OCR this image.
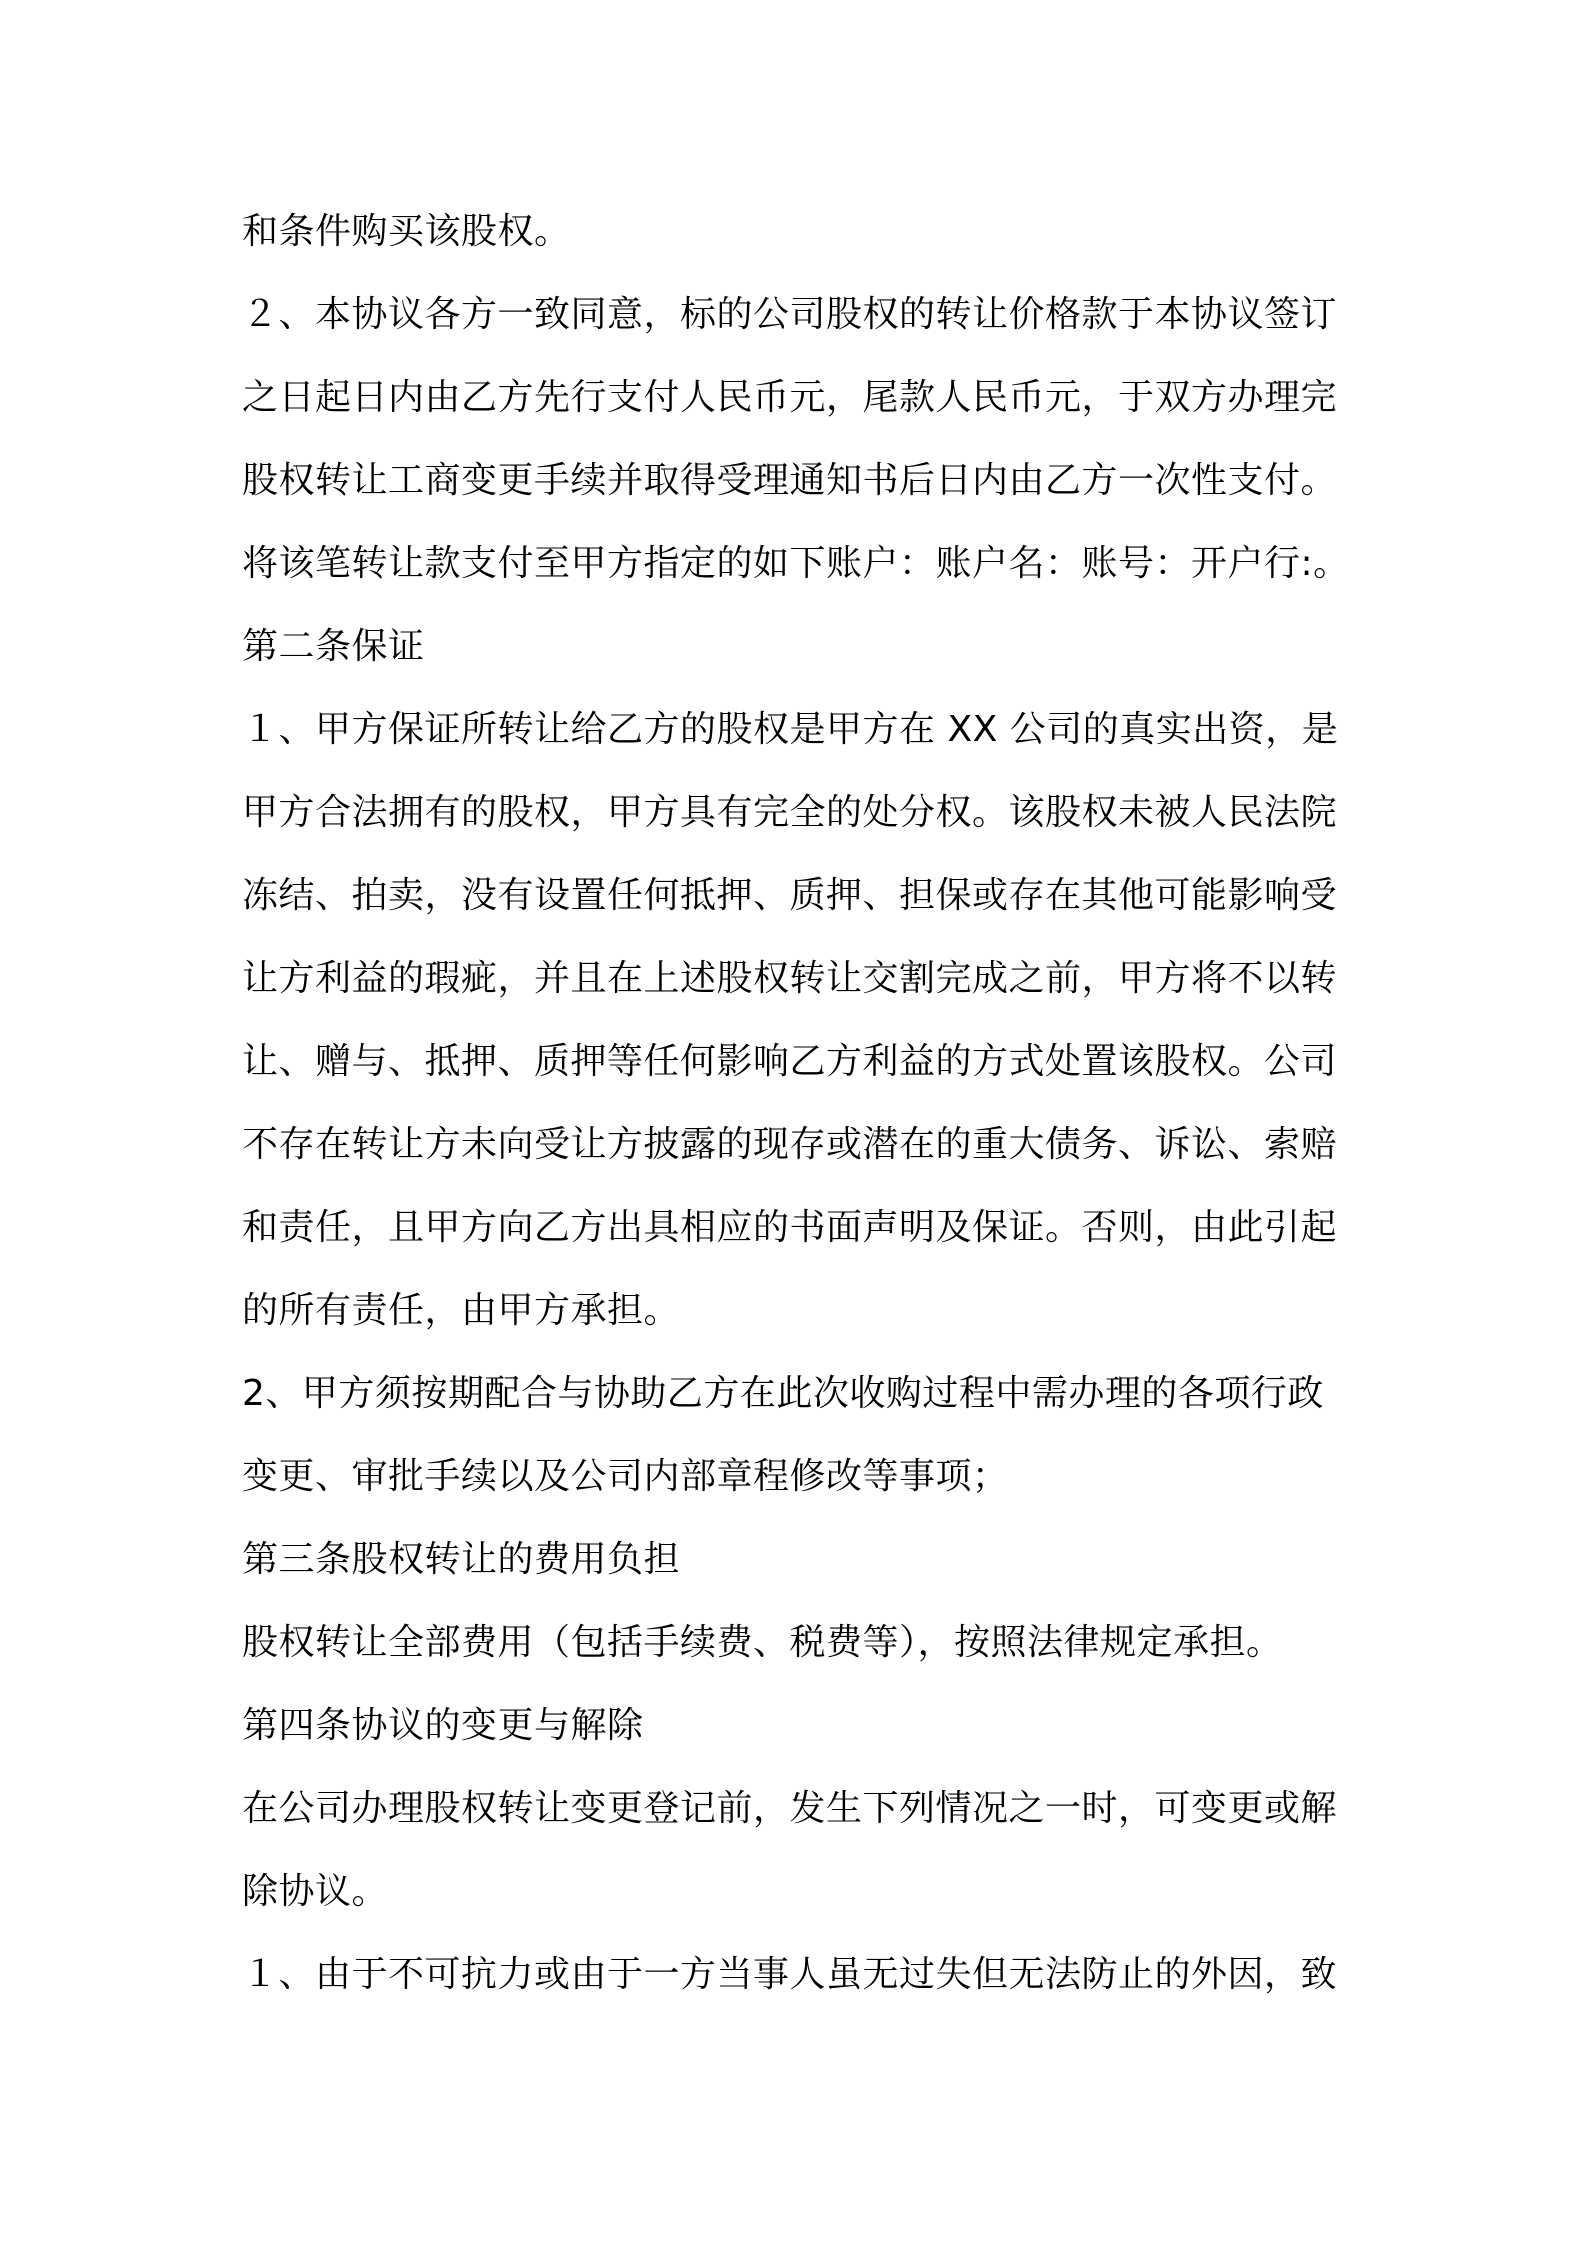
和条件购买该股权。
２、本协议各方一致同意，标的公司股权的转让价格款于本协议签订
之日起日内由乙方先行支付人民币元，尾款人民币元，于双方办理完
股权转让工商变更手续并取得受理通知书后日内由乙方一次性支付。
将该笔转让款支付至甲方指定的如下账户：账户名：账号：开户行:。
第二条保证
１、甲方保证所转让给乙方的股权是甲方在 XX 公司的真实出资，是
甲方合法拥有的股权，甲方具有完全的处分权。该股权未被人民法院
冻结、拍卖，没有设置任何抵押、质押、担保或存在其他可能影响受
让方利益的瑕疵，并且在上述股权转让交割完成之前，甲方将不以转
让、赠与、抵押、质押等任何影响乙方利益的方式处置该股权。公司
不存在转让方未向受让方披露的现存或潜在的重大债务、诉讼、索赔
和责任，且甲方向乙方出具相应的书面声明及保证。否则，由此引起
的所有责任，由甲方承担。
2、甲方须按期配合与协助乙方在此次收购过程中需办理的各项行政
变更、审批手续以及公司内部章程修改等事项；
第三条股权转让的费用负担
股权转让全部费用（包括手续费、税费等），按照法律规定承担。
第四条协议的变更与解除
在公司办理股权转让变更登记前，发生下列情况之一时，可变更或解
除协议。
１、由于不可抗力或由于一方当事人虽无过失但无法防止的外因，致
